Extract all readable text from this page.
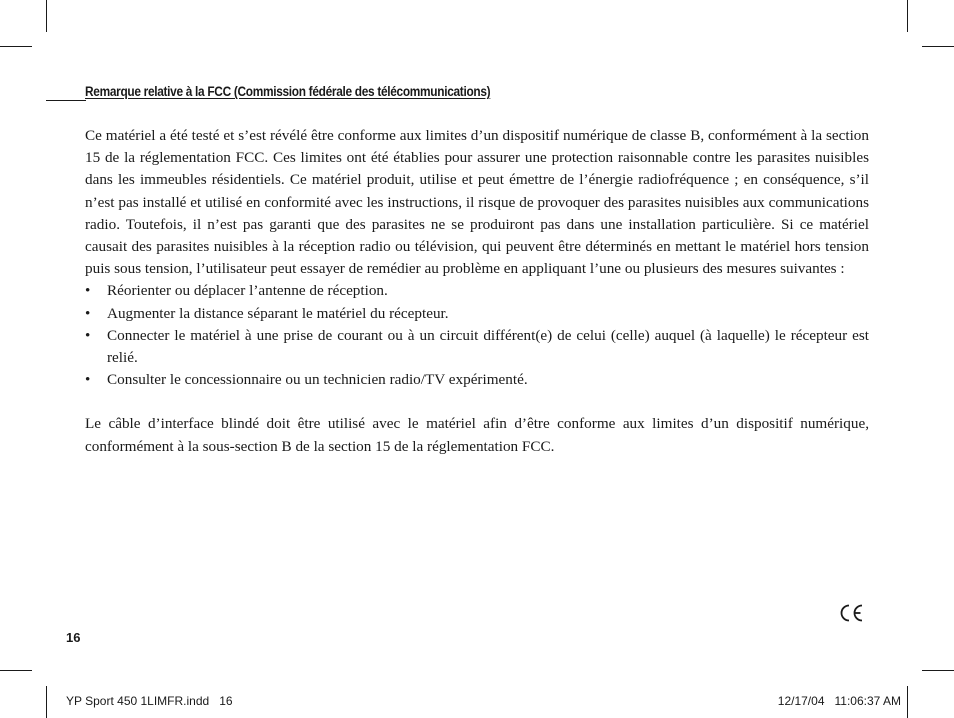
Remarque relative à la FCC (Commission fédérale des télécommunications)

Ce matériel a été testé et s’est révélé être conforme aux limites d’un dispositif numérique de classe B, conformément à la section 15 de la réglementation FCC. Ces limites ont été établies pour assurer une protection raisonnable contre les parasites nuisibles dans les immeubles résidentiels. Ce matériel produit, utilise et peut émettre de l’énergie radiofréquence ; en conséquence, s’il n’est pas installé et utilisé en conformité avec les instructions, il risque de provoquer des parasites nuisibles aux communications radio. Toutefois, il n’est pas garanti que des parasites ne se produiront pas dans une installation particulière. Si ce matériel causait des parasites nuisibles à la réception radio ou télévision, qui peuvent être déterminés en mettant le matériel hors tension puis sous tension, l’utilisateur peut essayer de remédier au problème en appliquant l’une ou plusieurs des mesures suivantes :

• Réorienter ou déplacer l’antenne de réception.
• Augmenter la distance séparant le matériel du récepteur.
• Connecter le matériel à une prise de courant ou à un circuit différent(e) de celui (celle) auquel (à laquelle) le récepteur est relié.
• Consulter le concessionnaire ou un technicien radio/TV expérimenté.

Le câble d’interface blindé doit être utilisé avec le matériel afin d’être conforme aux limites d’un dispositif numérique, conformément à la sous-section B de la section 15 de la réglementation FCC.

16
YP Sport 450 1LIMFR.indd   16	12/17/04   11:06:37 AM
